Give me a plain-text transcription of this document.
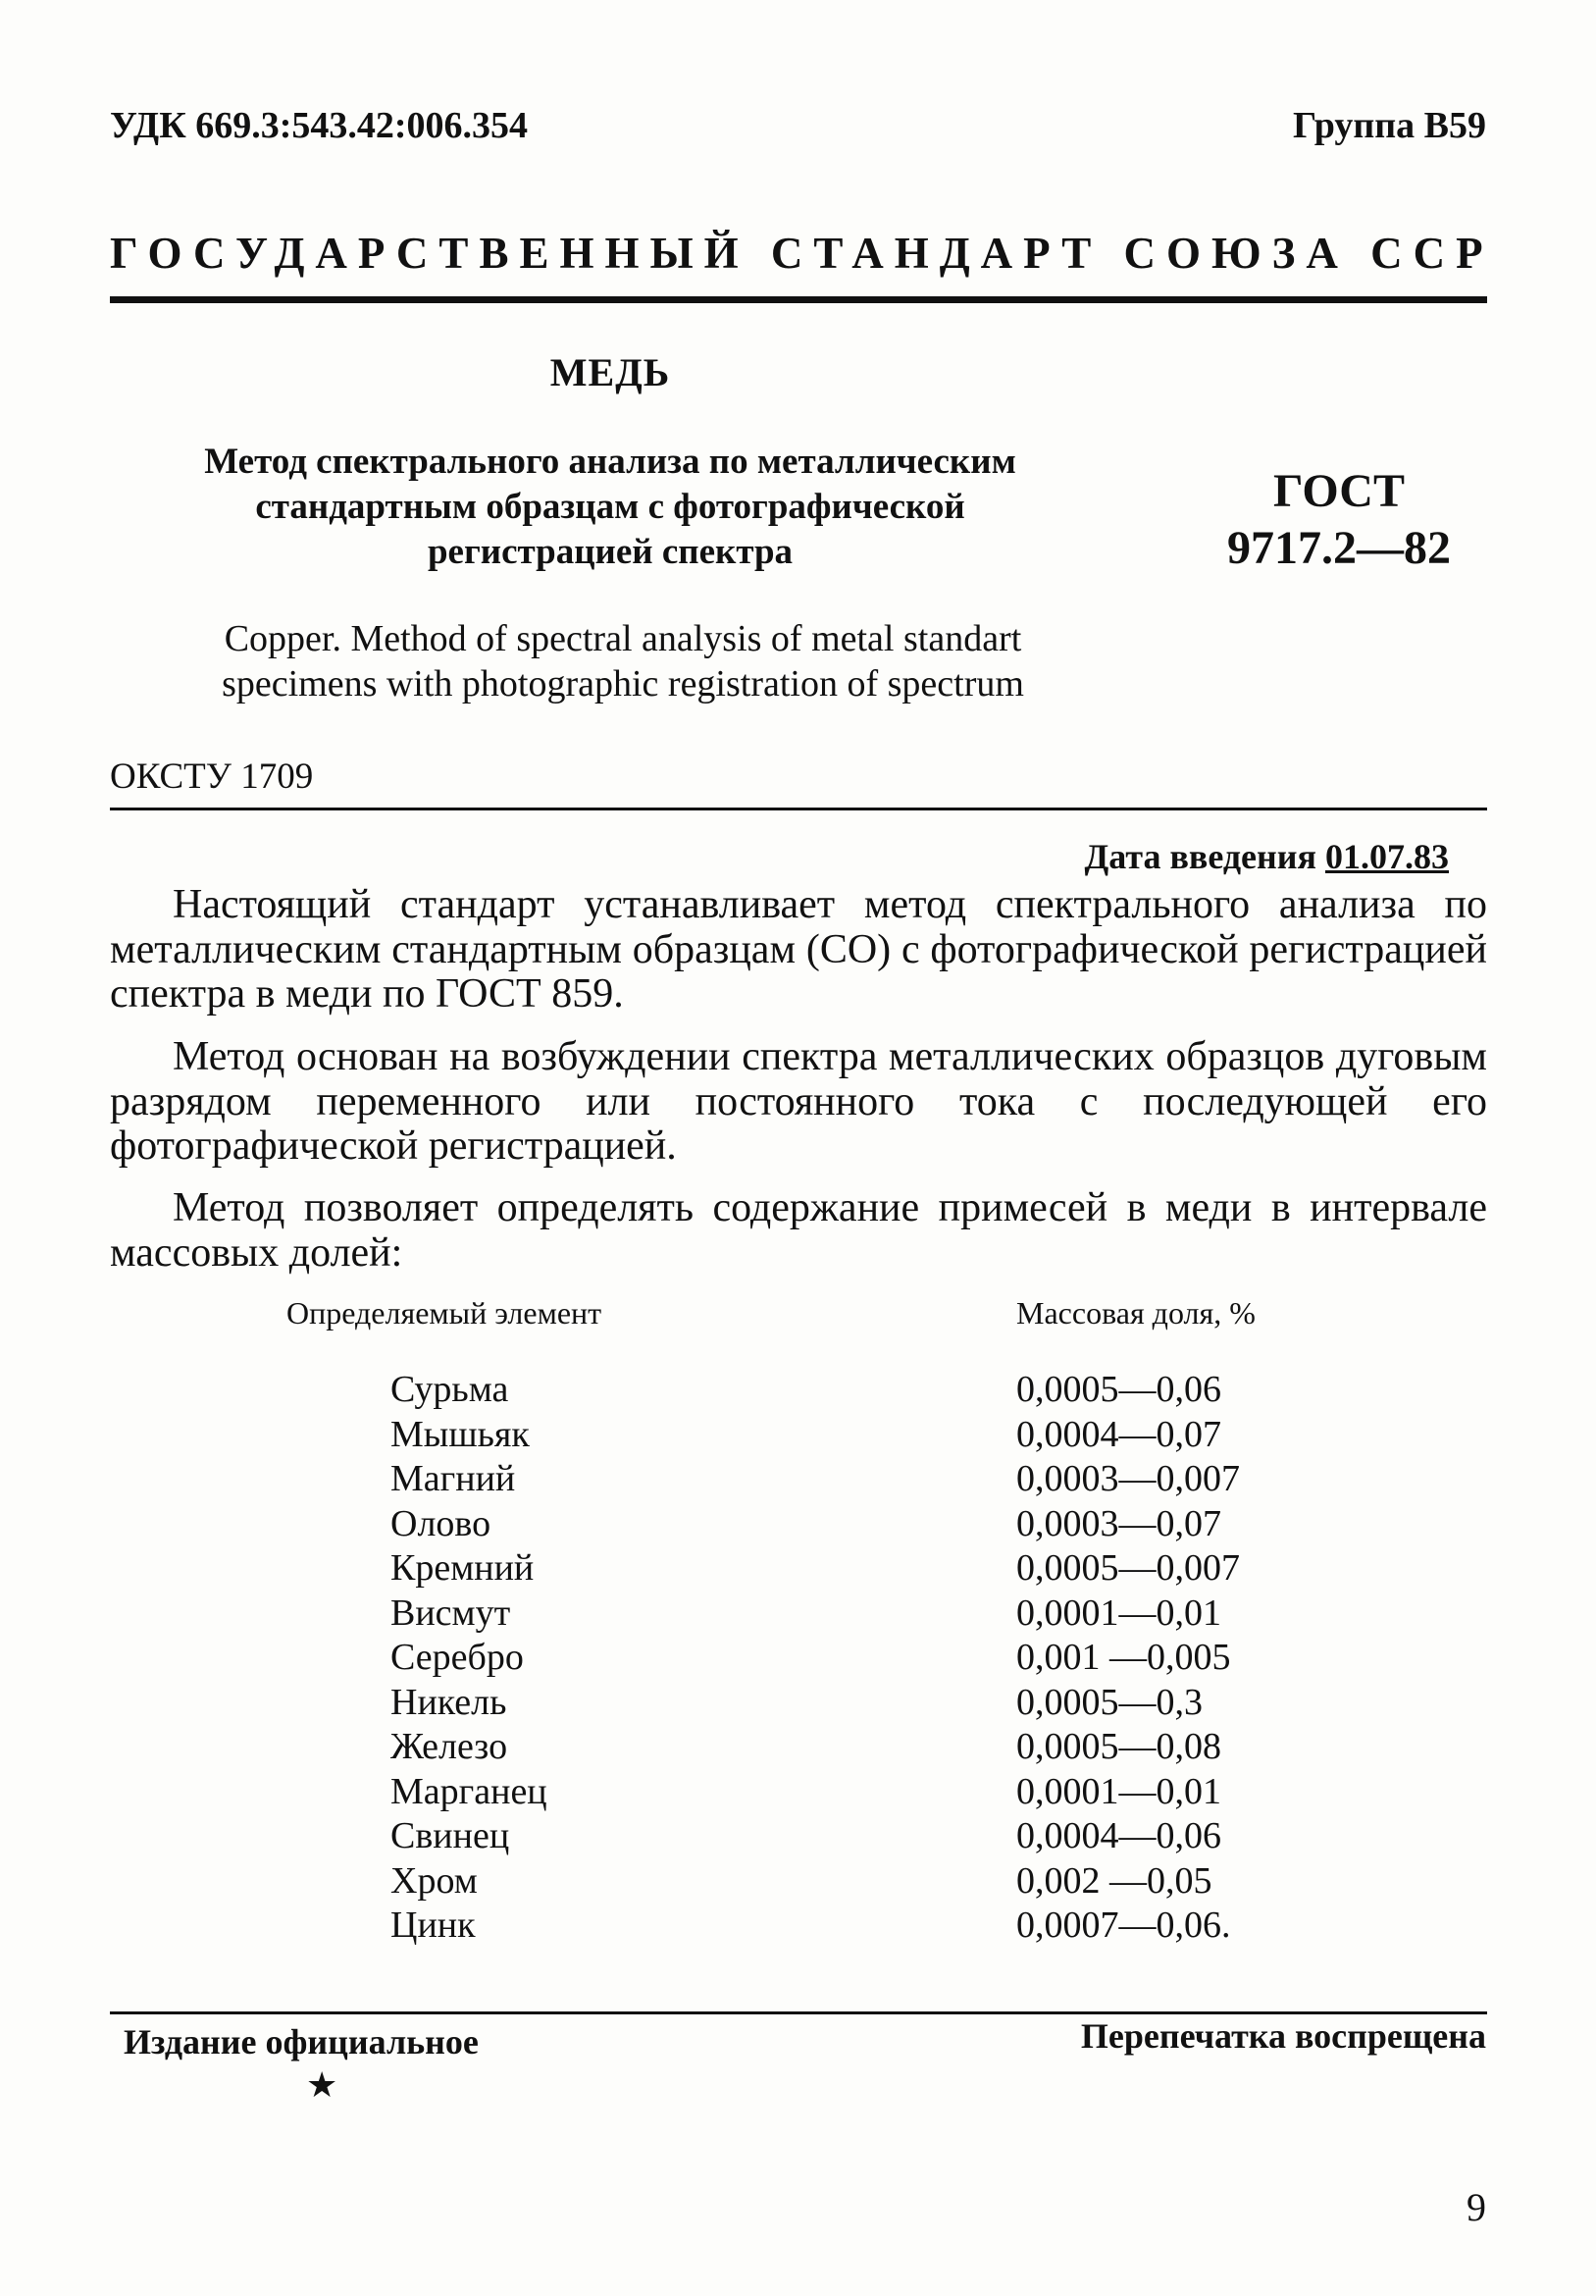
УДК 669.3:543.42:006.354	Группа В59
ГОСУДАРСТВЕННЫЙ СТАНДАРТ СОЮЗА ССР
МЕДЬ
Метод спектрального анализа по металлическим
стандартным образцам с фотографической
регистрацией спектра
ГОСТ
9717.2—82
Copper. Method of spectral analysis of metal standart
specimens with photographic registration of spectrum
ОКСТУ 1709
Дата введения 01.07.83
Настоящий стандарт устанавливает метод спектрального анализа по металлическим стандартным образцам (СО) с фотографической регистрацией спектра в меди по ГОСТ 859.
Метод основан на возбуждении спектра металлических образцов дуговым разрядом переменного или постоянного тока с последующей его фотографической регистрацией.
Метод позволяет определять содержание примесей в меди в интервале массовых долей:
Определяемый элемент	Массовая доля, %
Сурьма	0,0005—0,06
Мышьяк	0,0004—0,07
Магний	0,0003—0,007
Олово	0,0003—0,07
Кремний	0,0005—0,007
Висмут	0,0001—0,01
Серебро	0,001 —0,005
Никель	0,0005—0,3
Железо	0,0005—0,08
Марганец	0,0001—0,01
Свинец	0,0004—0,06
Хром	0,002 —0,05
Цинк	0,0007—0,06.
Издание официальное
★
Перепечатка воспрещена
9
